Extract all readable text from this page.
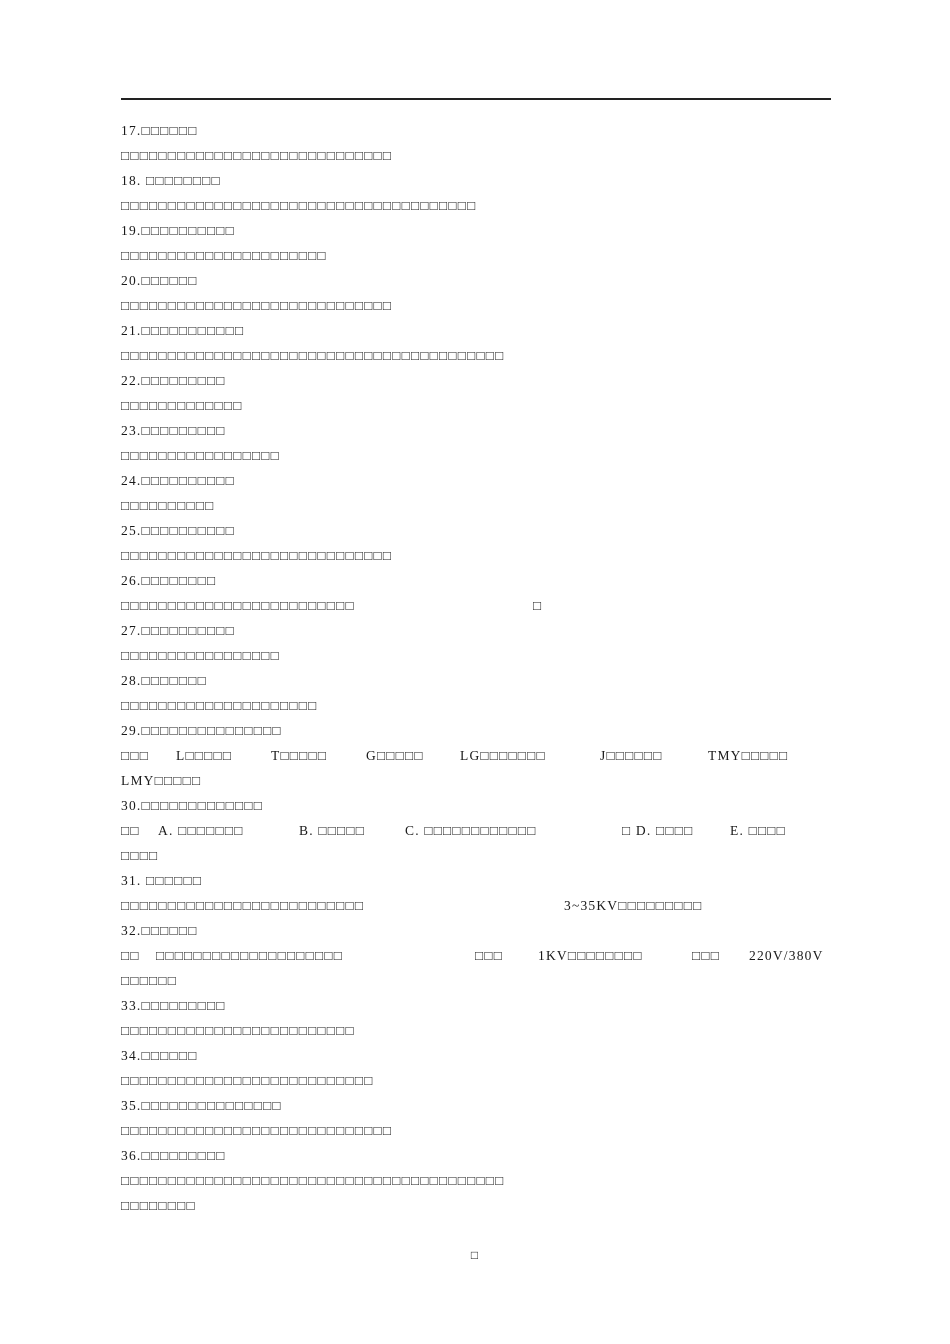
17.□□□□□□
□□□□□□□□□□□□□□□□□□□□□□□□□□□□□
18. □□□□□□□□
□□□□□□□□□□□□□□□□□□□□□□□□□□□□□□□□□□□□□□
19.□□□□□□□□□□
□□□□□□□□□□□□□□□□□□□□□□
20.□□□□□□
□□□□□□□□□□□□□□□□□□□□□□□□□□□□□
21.□□□□□□□□□□□
□□□□□□□□□□□□□□□□□□□□□□□□□□□□□□□□□□□□□□□□□
22.□□□□□□□□□
□□□□□□□□□□□□□
23.□□□□□□□□□
□□□□□□□□□□□□□□□□□
24.□□□□□□□□□□
□□□□□□□□□□
25.□□□□□□□□□□
□□□□□□□□□□□□□□□□□□□□□□□□□□□□□
26.□□□□□□□□

□□□□□□□□□□□□□□□□□□□□□□□□□

	□

27.□□□□□□□□□□
□□□□□□□□□□□□□□□□□
28.□□□□□□□
□□□□□□□□□□□□□□□□□□□□□
29.□□□□□□□□□□□□□□□

□□□

L□□□□□

	T□□□□□

	G□□□□□

	LG□□□□□□□

	J□□□□□□

	TMY□□□□□

LMY□□□□□
30.□□□□□□□□□□□□□

□□

A. □□□□□□□

	B. □□□□□

	C. □□□□□□□□□□□□

	□ D. □□□□

	E. □□□□

□□□□
31. □□□□□□

□□□□□□□□□□□□□□□□□□□□□□□□□□

	3~35KV□□□□□□□□□

32.□□□□□□

□□

□□□□□□□□□□□□□□□□□□□□

	□□□

	1KV□□□□□□□□

	□□□

220V/380V

□□□□□□
33.□□□□□□□□□
□□□□□□□□□□□□□□□□□□□□□□□□□
34.□□□□□□
□□□□□□□□□□□□□□□□□□□□□□□□□□□
35.□□□□□□□□□□□□□□□
□□□□□□□□□□□□□□□□□□□□□□□□□□□□□
36.□□□□□□□□□
□□□□□□□□□□□□□□□□□□□□□□□□□□□□□□□□□□□□□□□□□
□□□□□□□□
□
